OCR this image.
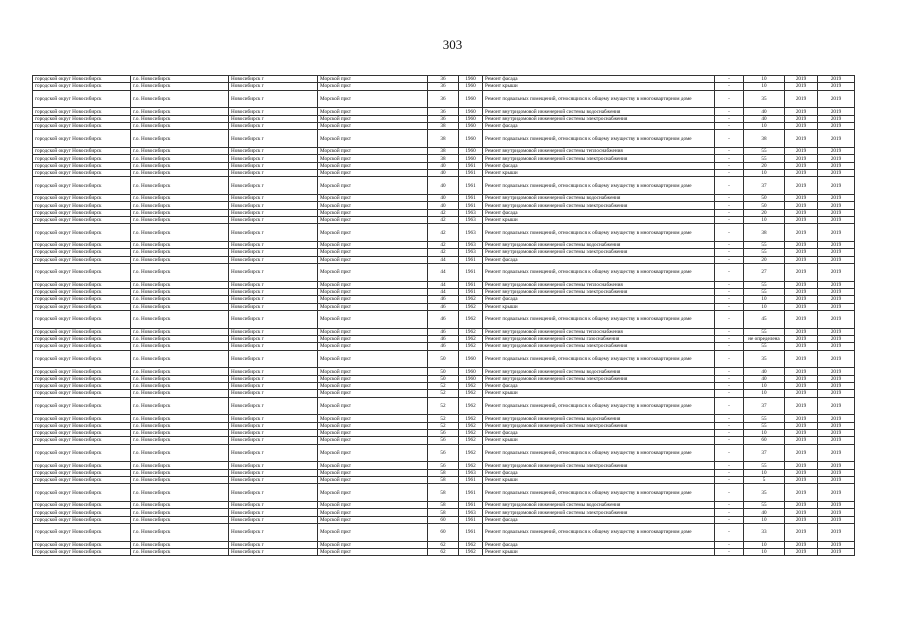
303
городской округ Новосибирск	г.о. Новосибирск	Новосибирск г	Морской пркт	36	1960	Ремонт фасада	-	10	2019	2019
городской округ Новосибирск	г.о. Новосибирск	Новосибирск г	Морской пркт	36	1960	Ремонт крыши	-	10	2019	2019
городской округ Новосибирск	г.о. Новосибирск	Новосибирск г	Морской пркт	36	1960	Ремонт подвальных помещений, относящихся к общему имуществу в многоквартирном доме	-	35	2019	2019
городской округ Новосибирск	г.о. Новосибирск	Новосибирск г	Морской пркт	36	1960	Ремонт внутридомовой инженерной системы водоснабжения	-	40	2019	2019
городской округ Новосибирск	г.о. Новосибирск	Новосибирск г	Морской пркт	36	1960	Ремонт внутридомовой инженерной системы электроснабжения	-	40	2019	2019
городской округ Новосибирск	г.о. Новосибирск	Новосибирск г	Морской пркт	38	1960	Ремонт фасада	-	10	2019	2019
городской округ Новосибирск	г.о. Новосибирск	Новосибирск г	Морской пркт	38	1960	Ремонт подвальных помещений, относящихся к общему имуществу в многоквартирном доме	-	38	2019	2019
городской округ Новосибирск	г.о. Новосибирск	Новосибирск г	Морской пркт	38	1960	Ремонт внутридомовой инженерной системы теплоснабжения	-	55	2019	2019
городской округ Новосибирск	г.о. Новосибирск	Новосибирск г	Морской пркт	38	1960	Ремонт внутридомовой инженерной системы электроснабжения	-	55	2019	2019
городской округ Новосибирск	г.о. Новосибирск	Новосибирск г	Морской пркт	40	1961	Ремонт фасада	-	20	2019	2019
городской округ Новосибирск	г.о. Новосибирск	Новосибирск г	Морской пркт	40	1961	Ремонт крыши	-	10	2019	2019
городской округ Новосибирск	г.о. Новосибирск	Новосибирск г	Морской пркт	40	1961	Ремонт подвальных помещений, относящихся к общему имуществу в многоквартирном доме	-	37	2019	2019
городской округ Новосибирск	г.о. Новосибирск	Новосибирск г	Морской пркт	40	1961	Ремонт внутридомовой инженерной системы водоснабжения	-	50	2019	2019
городской округ Новосибирск	г.о. Новосибирск	Новосибирск г	Морской пркт	40	1961	Ремонт внутридомовой инженерной системы электроснабжения	-	50	2019	2019
городской округ Новосибирск	г.о. Новосибирск	Новосибирск г	Морской пркт	42	1963	Ремонт фасада	-	20	2019	2019
городской округ Новосибирск	г.о. Новосибирск	Новосибирск г	Морской пркт	42	1963	Ремонт крыши	-	10	2019	2019
городской округ Новосибирск	г.о. Новосибирск	Новосибирск г	Морской пркт	42	1963	Ремонт подвальных помещений, относящихся к общему имуществу в многоквартирном доме	-	38	2019	2019
городской округ Новосибирск	г.о. Новосибирск	Новосибирск г	Морской пркт	42	1963	Ремонт внутридомовой инженерной системы водоснабжения	-	55	2019	2019
городской округ Новосибирск	г.о. Новосибирск	Новосибирск г	Морской пркт	42	1963	Ремонт внутридомовой инженерной системы электроснабжения	-	55	2019	2019
городской округ Новосибирск	г.о. Новосибирск	Новосибирск г	Морской пркт	44	1961	Ремонт фасада	-	20	2019	2019
городской округ Новосибирск	г.о. Новосибирск	Новосибирск г	Морской пркт	44	1961	Ремонт подвальных помещений, относящихся к общему имуществу в многоквартирном доме	-	27	2019	2019
городской округ Новосибирск	г.о. Новосибирск	Новосибирск г	Морской пркт	44	1961	Ремонт внутридомовой инженерной системы теплоснабжения	-	55	2019	2019
городской округ Новосибирск	г.о. Новосибирск	Новосибирск г	Морской пркт	44	1961	Ремонт внутридомовой инженерной системы электроснабжения	-	55	2019	2019
городской округ Новосибирск	г.о. Новосибирск	Новосибирск г	Морской пркт	46	1962	Ремонт фасада	-	10	2019	2019
городской округ Новосибирск	г.о. Новосибирск	Новосибирск г	Морской пркт	46	1962	Ремонт крыши	-	10	2019	2019
городской округ Новосибирск	г.о. Новосибирск	Новосибирск г	Морской пркт	46	1962	Ремонт подвальных помещений, относящихся к общему имуществу в многоквартирном доме	-	45	2019	2019
городской округ Новосибирск	г.о. Новосибирск	Новосибирск г	Морской пркт	46	1962	Ремонт внутридомовой инженерной системы теплоснабжения	-	55	2019	2019
городской округ Новосибирск	г.о. Новосибирск	Новосибирск г	Морской пркт	46	1962	Ремонт внутридомовой инженерной системы газоснабжения	-	не определена	2019	2019
городской округ Новосибирск	г.о. Новосибирск	Новосибирск г	Морской пркт	46	1962	Ремонт внутридомовой инженерной системы электроснабжения	-	55	2019	2019
городской округ Новосибирск	г.о. Новосибирск	Новосибирск г	Морской пркт	50	1960	Ремонт подвальных помещений, относящихся к общему имуществу в многоквартирном доме	-	35	2019	2019
городской округ Новосибирск	г.о. Новосибирск	Новосибирск г	Морской пркт	50	1960	Ремонт внутридомовой инженерной системы водоснабжения	-	40	2019	2019
городской округ Новосибирск	г.о. Новосибирск	Новосибирск г	Морской пркт	50	1960	Ремонт внутридомовой инженерной системы электроснабжения	-	40	2019	2019
городской округ Новосибирск	г.о. Новосибирск	Новосибирск г	Морской пркт	52	1962	Ремонт фасада	-	10	2019	2019
городской округ Новосибирск	г.о. Новосибирск	Новосибирск г	Морской пркт	52	1962	Ремонт крыши	-	10	2019	2019
городской округ Новосибирск	г.о. Новосибирск	Новосибирск г	Морской пркт	52	1962	Ремонт подвальных помещений, относящихся к общему имуществу в многоквартирном доме	-	37	2019	2019
городской округ Новосибирск	г.о. Новосибирск	Новосибирск г	Морской пркт	52	1962	Ремонт внутридомовой инженерной системы водоснабжения	-	55	2019	2019
городской округ Новосибирск	г.о. Новосибирск	Новосибирск г	Морской пркт	52	1962	Ремонт внутридомовой инженерной системы электроснабжения	-	55	2019	2019
городской округ Новосибирск	г.о. Новосибирск	Новосибирск г	Морской пркт	56	1962	Ремонт фасада	-	10	2019	2019
городской округ Новосибирск	г.о. Новосибирск	Новосибирск г	Морской пркт	56	1962	Ремонт крыши	-	60	2019	2019
городской округ Новосибирск	г.о. Новосибирск	Новосибирск г	Морской пркт	56	1962	Ремонт подвальных помещений, относящихся к общему имуществу в многоквартирном доме	-	37	2019	2019
городской округ Новосибирск	г.о. Новосибирск	Новосибирск г	Морской пркт	56	1962	Ремонт внутридомовой инженерной системы электроснабжения	-	55	2019	2019
городской округ Новосибирск	г.о. Новосибирск	Новосибирск г	Морской пркт	58	1963	Ремонт фасада	-	10	2019	2019
городской округ Новосибирск	г.о. Новосибирск	Новосибирск г	Морской пркт	58	1961	Ремонт крыши	-	5	2019	2019
городской округ Новосибирск	г.о. Новосибирск	Новосибирск г	Морской пркт	58	1961	Ремонт подвальных помещений, относящихся к общему имуществу в многоквартирном доме	-	35	2019	2019
городской округ Новосибирск	г.о. Новосибирск	Новосибирск г	Морской пркт	58	1961	Ремонт внутридомовой инженерной системы водоснабжения	-	55	2019	2019
городской округ Новосибирск	г.о. Новосибирск	Новосибирск г	Морской пркт	58	1963	Ремонт внутридомовой инженерной системы электроснабжения	-	40	2019	2019
городской округ Новосибирск	г.о. Новосибирск	Новосибирск г	Морской пркт	60	1961	Ремонт фасада	-	10	2019	2019
городской округ Новосибирск	г.о. Новосибирск	Новосибирск г	Морской пркт	60	1961	Ремонт подвальных помещений, относящихся к общему имуществу в многоквартирном доме	-	33	2019	2019
городской округ Новосибирск	г.о. Новосибирск	Новосибирск г	Морской пркт	62	1962	Ремонт фасада	-	10	2019	2019
городской округ Новосибирск	г.о. Новосибирск	Новосибирск г	Морской пркт	62	1962	Ремонт крыши	-	10	2019	2019
